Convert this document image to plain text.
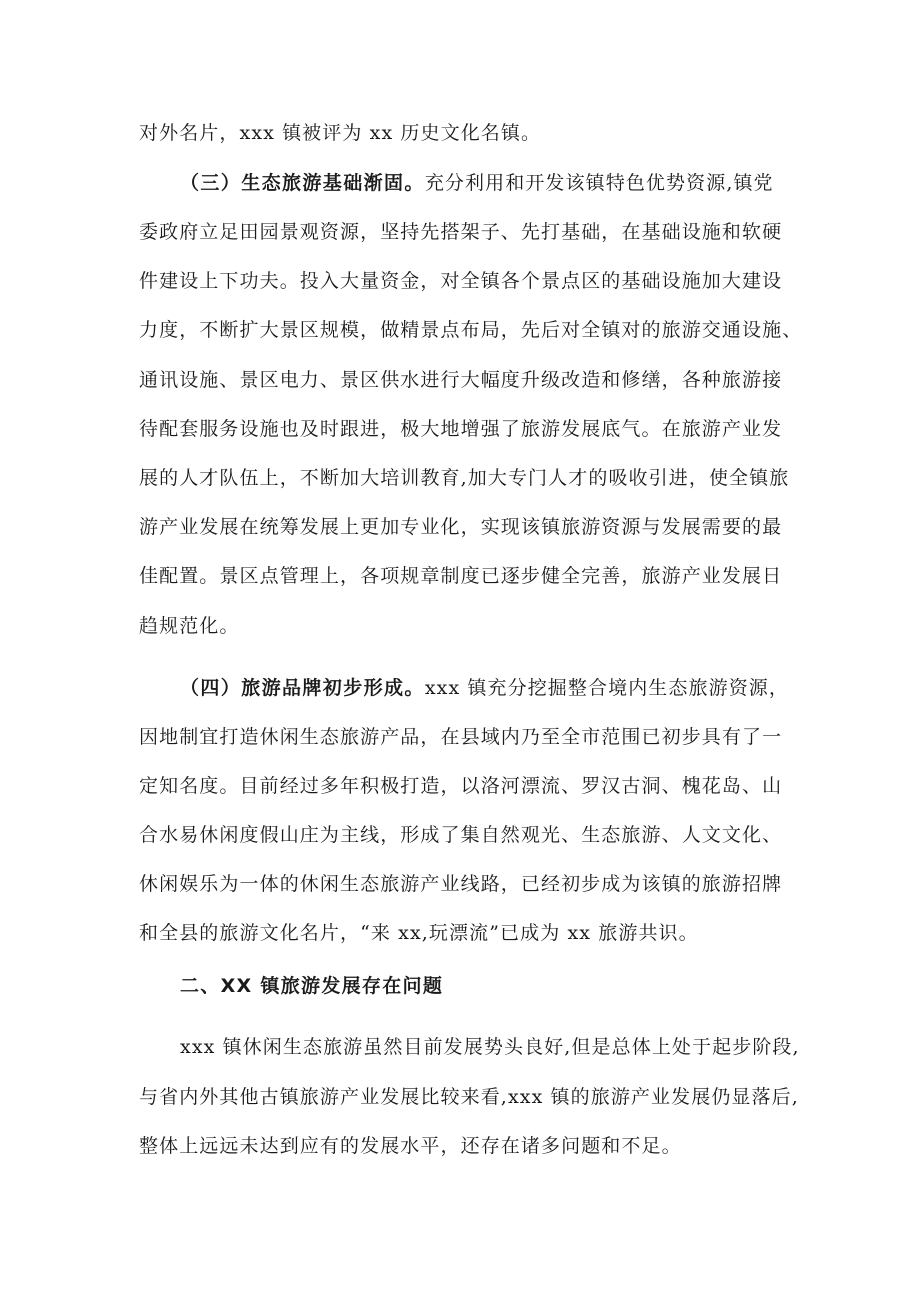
对外名片，xxx 镇被评为 xx 历史文化名镇。
（三）生态旅游基础渐固。充分利用和开发该镇特色优势资源,镇党
委政府立足田园景观资源，坚持先搭架子、先打基础，在基础设施和软硬
件建设上下功夫。投入大量资金，对全镇各个景点区的基础设施加大建设
力度，不断扩大景区规模，做精景点布局，先后对全镇对的旅游交通设施、
通讯设施、景区电力、景区供水进行大幅度升级改造和修缮，各种旅游接
待配套服务设施也及时跟进，极大地增强了旅游发展底气。在旅游产业发
展的人才队伍上，不断加大培训教育,加大专门人才的吸收引进，使全镇旅
游产业发展在统筹发展上更加专业化，实现该镇旅游资源与发展需要的最
佳配置。景区点管理上，各项规章制度已逐步健全完善，旅游产业发展日
趋规范化。
（四）旅游品牌初步形成。xxx 镇充分挖掘整合境内生态旅游资源，
因地制宜打造休闲生态旅游产品，在县域内乃至全市范围已初步具有了一
定知名度。目前经过多年积极打造，以洛河漂流、罗汉古洞、槐花岛、山
合水易休闲度假山庄为主线，形成了集自然观光、生态旅游、人文文化、
休闲娱乐为一体的休闲生态旅游产业线路，已经初步成为该镇的旅游招牌
和全县的旅游文化名片，“来 xx,玩漂流”已成为 xx 旅游共识。
二、XX 镇旅游发展存在问题
xxx 镇休闲生态旅游虽然目前发展势头良好,但是总体上处于起步阶段,
与省内外其他古镇旅游产业发展比较来看,xxx 镇的旅游产业发展仍显落后,
整体上远远未达到应有的发展水平，还存在诸多问题和不足。
